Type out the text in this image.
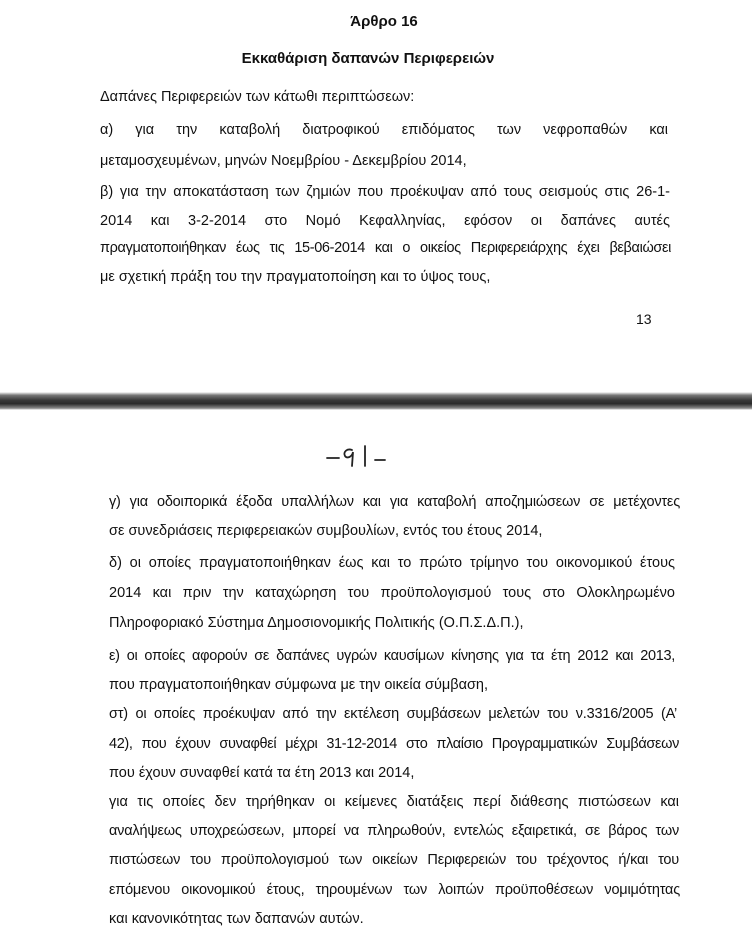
Άρθρο 16
Εκκαθάριση δαπανών Περιφερειών
Δαπάνες Περιφερειών των κάτωθι περιπτώσεων:
α) για την καταβολή διατροφικού επιδόματος των νεφροπαθών και
μεταμοσχευμένων, μηνών Νοεμβρίου - Δεκεμβρίου 2014,
β) για την αποκατάσταση των ζημιών που προέκυψαν από τους σεισμούς στις 26-1-
2014 και 3-2-2014 στο Νομό Κεφαλληνίας, εφόσον οι δαπάνες αυτές
πραγματοποιήθηκαν έως τις 15-06-2014 και ο οικείος Περιφερειάρχης έχει βεβαιώσει
με σχετική πράξη του την πραγματοποίηση και το ύψος τους,
13
γ) για οδοιπορικά έξοδα υπαλλήλων και για καταβολή αποζημιώσεων σε μετέχοντες
σε συνεδριάσεις περιφερειακών συμβουλίων, εντός του έτους 2014,
δ) οι οποίες πραγματοποιήθηκαν έως και το πρώτο τρίμηνο του οικονομικού έτους
2014 και πριν την καταχώρηση του προϋπολογισμού τους στο Ολοκληρωμένο
Πληροφοριακό Σύστημα Δημοσιονομικής Πολιτικής (Ο.Π.Σ.Δ.Π.),
ε) οι οποίες αφορούν σε δαπάνες υγρών καυσίμων κίνησης για τα έτη 2012 και 2013,
που πραγματοποιήθηκαν σύμφωνα με την οικεία σύμβαση,
στ) οι οποίες προέκυψαν από την εκτέλεση συμβάσεων μελετών του ν.3316/2005 (Α’
42), που έχουν συναφθεί μέχρι 31-12-2014 στο πλαίσιο Προγραμματικών Συμβάσεων
που έχουν συναφθεί κατά τα έτη 2013 και 2014,
για τις οποίες δεν τηρήθηκαν οι κείμενες διατάξεις περί διάθεσης πιστώσεων και
αναλήψεως υποχρεώσεων, μπορεί να πληρωθούν, εντελώς εξαιρετικά, σε βάρος των
πιστώσεων του προϋπολογισμού των οικείων Περιφερειών του τρέχοντος ή/και του
επόμενου οικονομικού έτους, τηρουμένων των λοιπών προϋποθέσεων νομιμότητας
και κανονικότητας των δαπανών αυτών.
